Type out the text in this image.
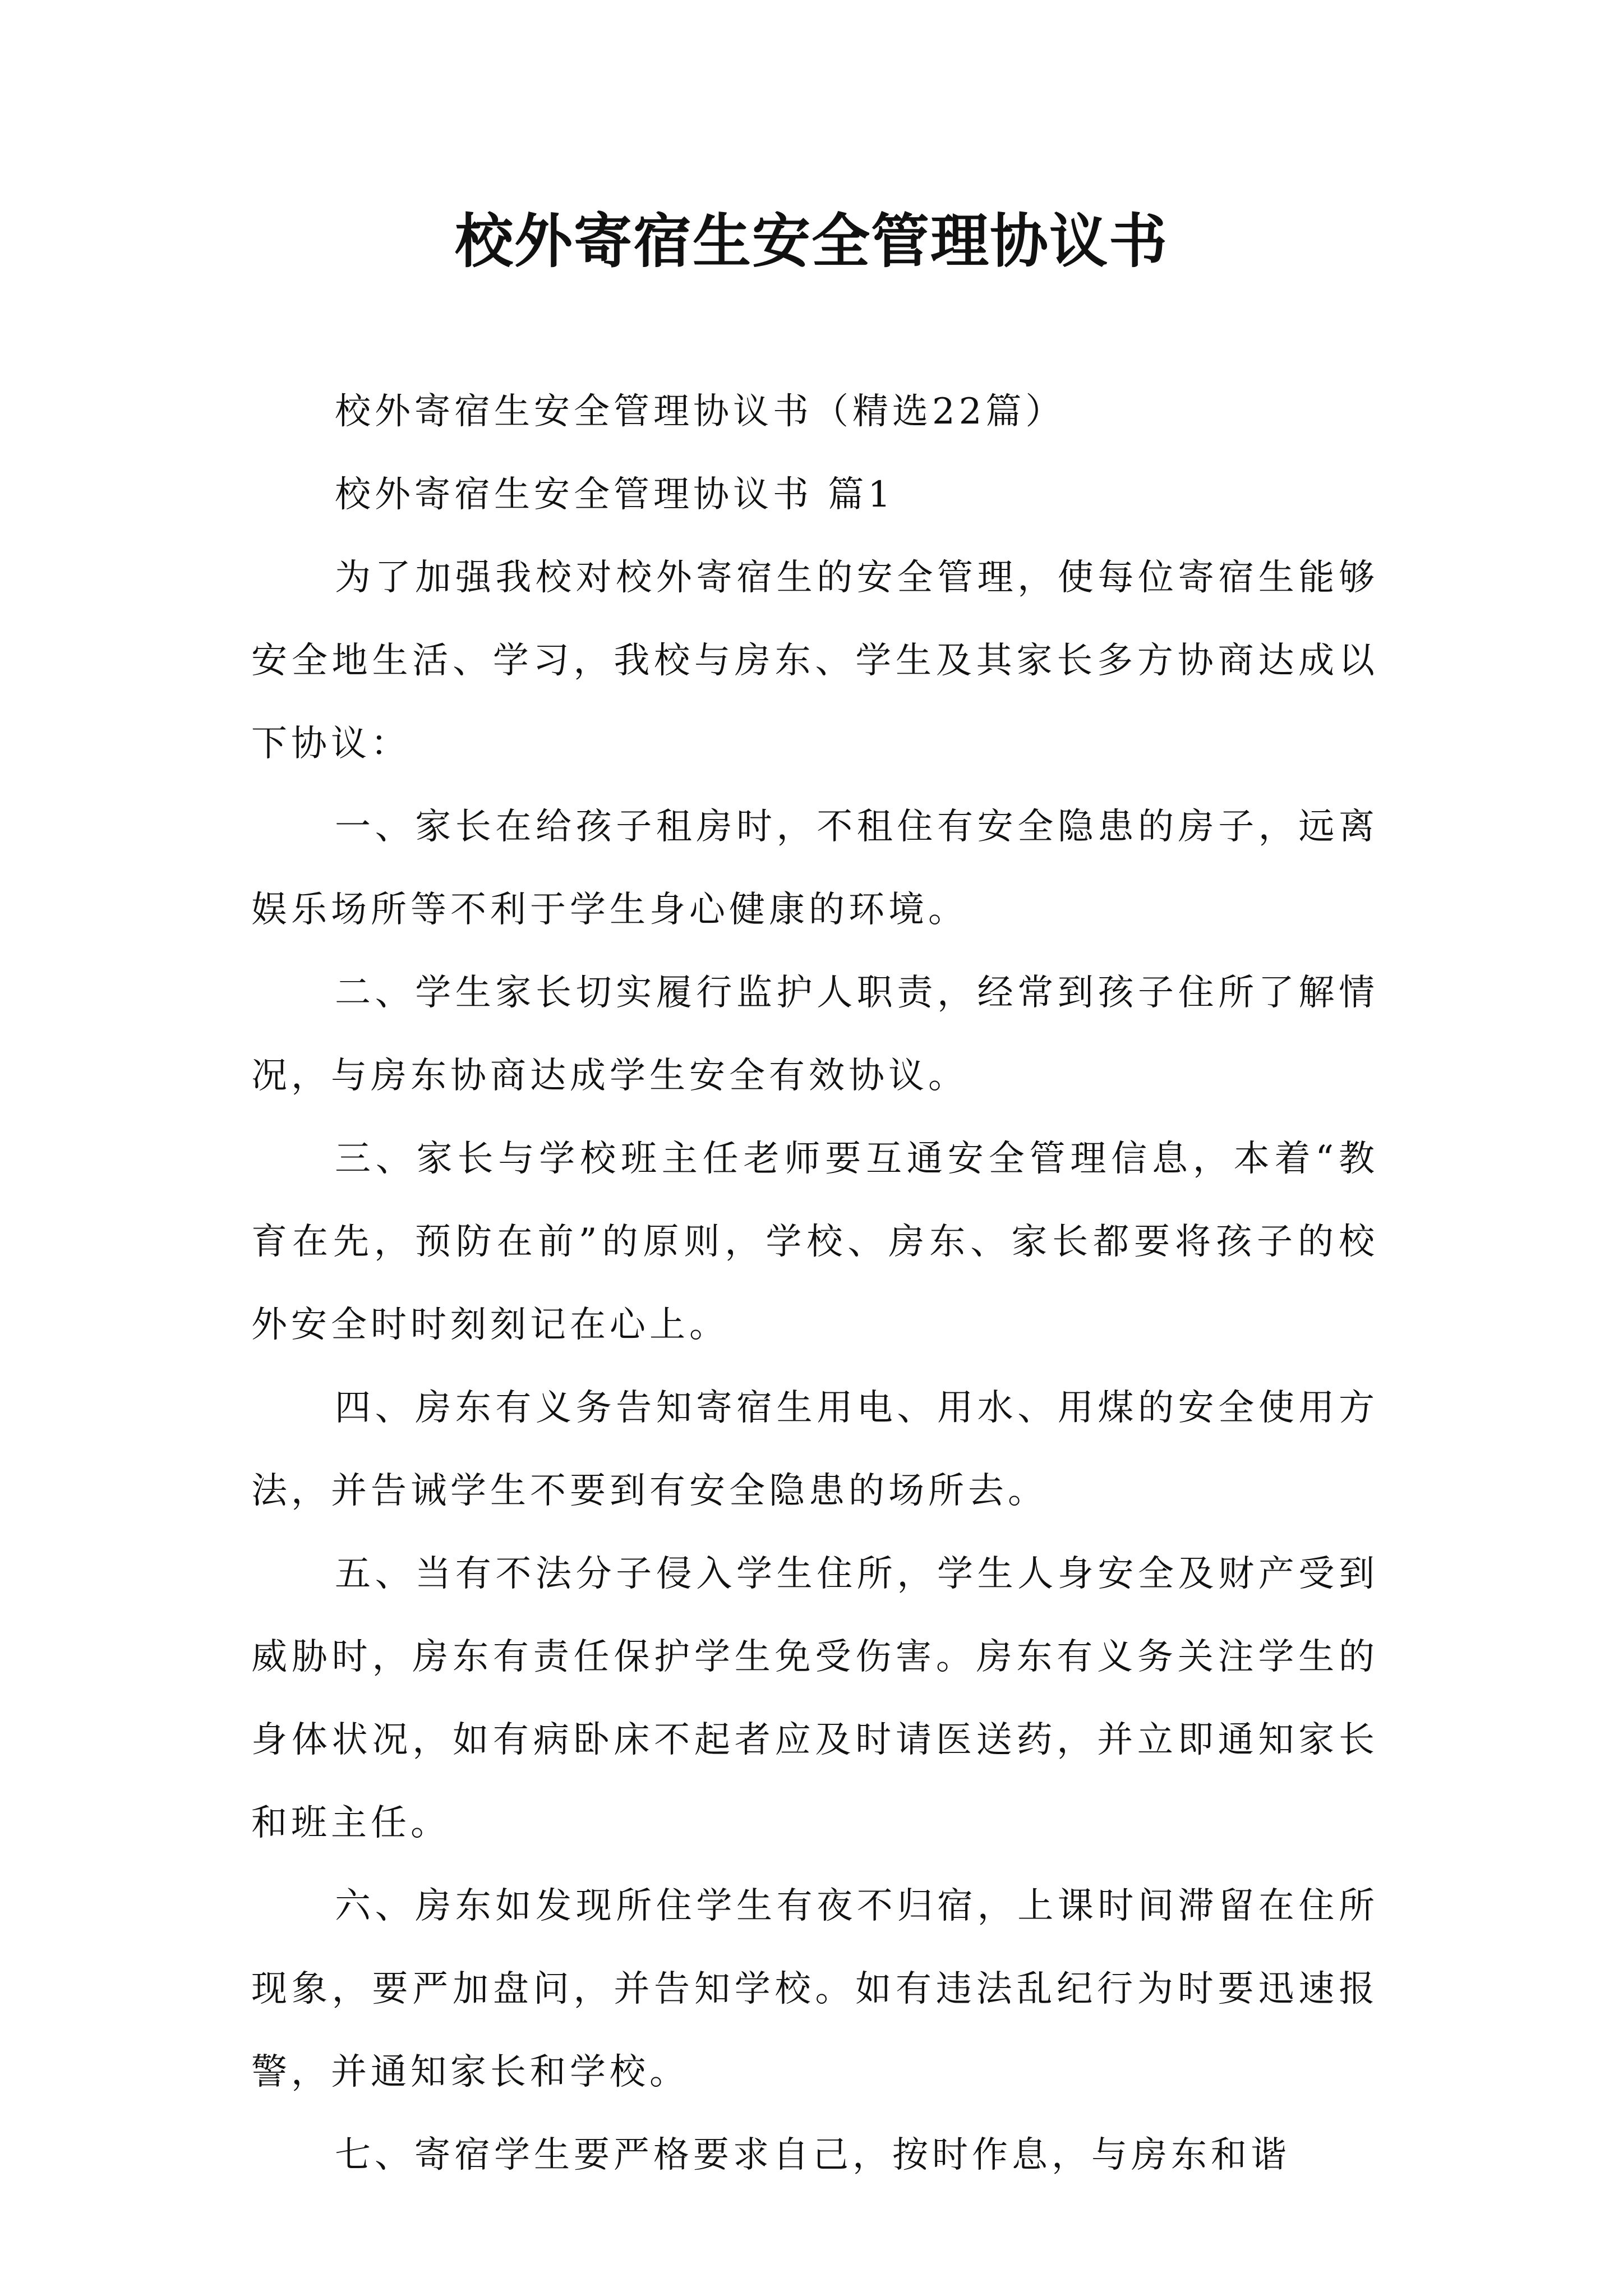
校外寄宿生安全管理协议书

校外寄宿生安全管理协议书（精选22篇）

校外寄宿生安全管理协议书 篇1

为了加强我校对校外寄宿生的安全管理，使每位寄宿生能够安全地生活、学习，我校与房东、学生及其家长多方协商达成以下协议：

一、家长在给孩子租房时，不租住有安全隐患的房子，远离娱乐场所等不利于学生身心健康的环境。

二、学生家长切实履行监护人职责，经常到孩子住所了解情况，与房东协商达成学生安全有效协议。

三、家长与学校班主任老师要互通安全管理信息，本着“教育在先，预防在前”的原则，学校、房东、家长都要将孩子的校外安全时时刻刻记在心上。

四、房东有义务告知寄宿生用电、用水、用煤的安全使用方法，并告诫学生不要到有安全隐患的场所去。

五、当有不法分子侵入学生住所，学生人身安全及财产受到威胁时，房东有责任保护学生免受伤害。房东有义务关注学生的身体状况，如有病卧床不起者应及时请医送药，并立即通知家长和班主任。

六、房东如发现所住学生有夜不归宿，上课时间滞留在住所现象，要严加盘问，并告知学校。如有违法乱纪行为时要迅速报警，并通知家长和学校。

七、寄宿学生要严格要求自己，按时作息，与房东和谐
